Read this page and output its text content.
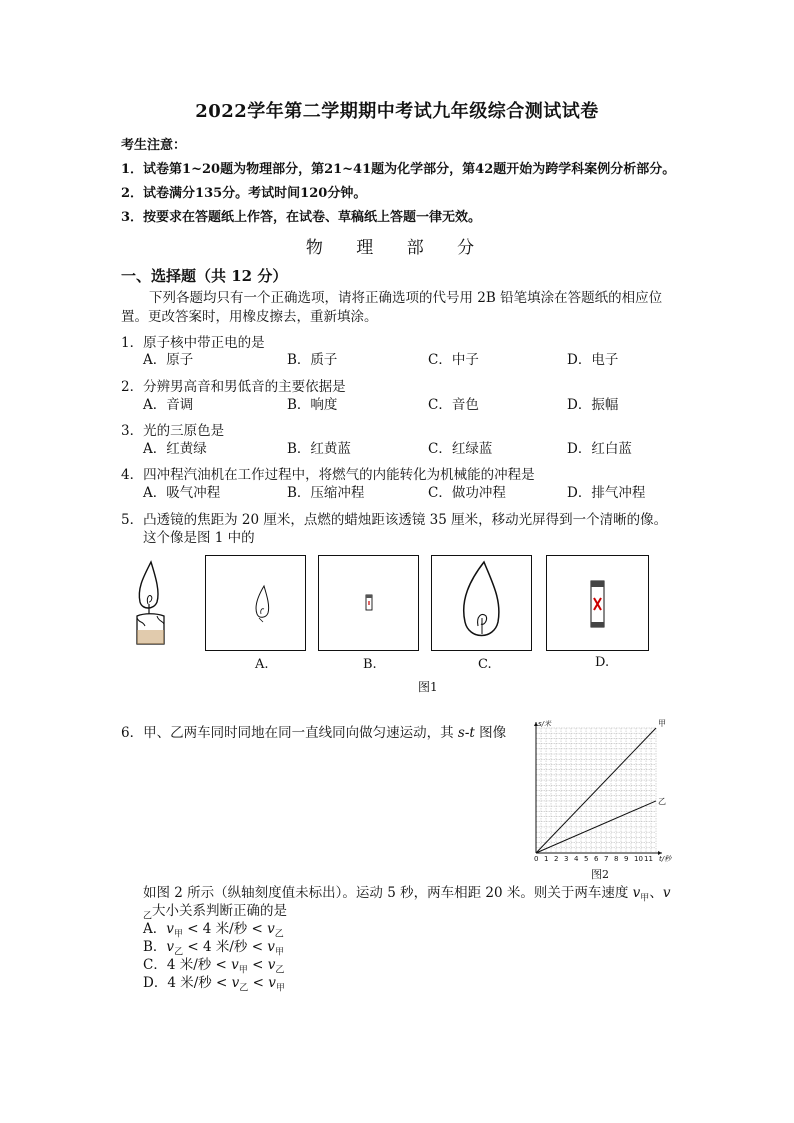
2022学年第二学期期中考试九年级综合测试试卷
考生注意：
1．试卷第1~20题为物理部分，第21~41题为化学部分，第42题开始为跨学科案例分析部分。
2．试卷满分135分。考试时间120分钟。
3．按要求在答题纸上作答，在试卷、草稿纸上答题一律无效。
物 理 部 分
一、选择题（共 12 分）
下列各题均只有一个正确选项，请将正确选项的代号用 2B 铅笔填涂在答题纸的相应位
置。更改答案时，用橡皮擦去，重新填涂。
1．原子核中带正电的是
A．原子	B．质子	C．中子	D．电子
2．分辨男高音和男低音的主要依据是
A．音调	B．响度	C．音色	D．振幅
3．光的三原色是
A．红黄绿	B．红黄蓝	C．红绿蓝	D．红白蓝
4．四冲程汽油机在工作过程中，将燃气的内能转化为机械能的冲程是
A．吸气冲程	B．压缩冲程	C．做功冲程	D．排气冲程
5．凸透镜的焦距为 20 厘米，点燃的蜡烛距该透镜 35 厘米，移动光屏得到一个清晰的像。
这个像是图 1 中的
A.	B.	C.	D.
图1
6．甲、乙两车同时同地在同一直线同向做匀速运动，其 s-t 图像
甲
乙
0 1 2 3 4 5 6 7 8 9 10 11 t/秒
s/米
图2
如图 2 所示（纵轴刻度值未标出）。运动 5 秒，两车相距 20 米。则关于两车速度 $v_甲$、v
$_乙$大小关系判断正确的是
A．$v_甲 < 4$ 米/秒 < $v_乙$
B．$v_乙 < 4$ 米/秒 < $v_甲$
C．4 米/秒 < $v_甲 < v_乙$
D．4 米/秒 < $v_乙 < v_甲$
